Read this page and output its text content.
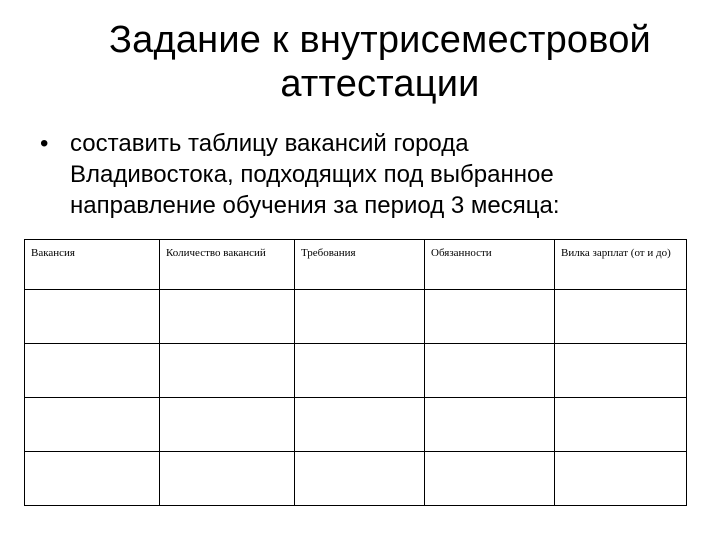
Задание к внутрисеместровой
аттестации
• составить таблицу вакансий города
Владивостока, подходящих под выбранное
направление обучения за период 3 месяца:
Вакансия	Количество вакансий	Требования	Обязанности	Вилка зарплат (от и до)
